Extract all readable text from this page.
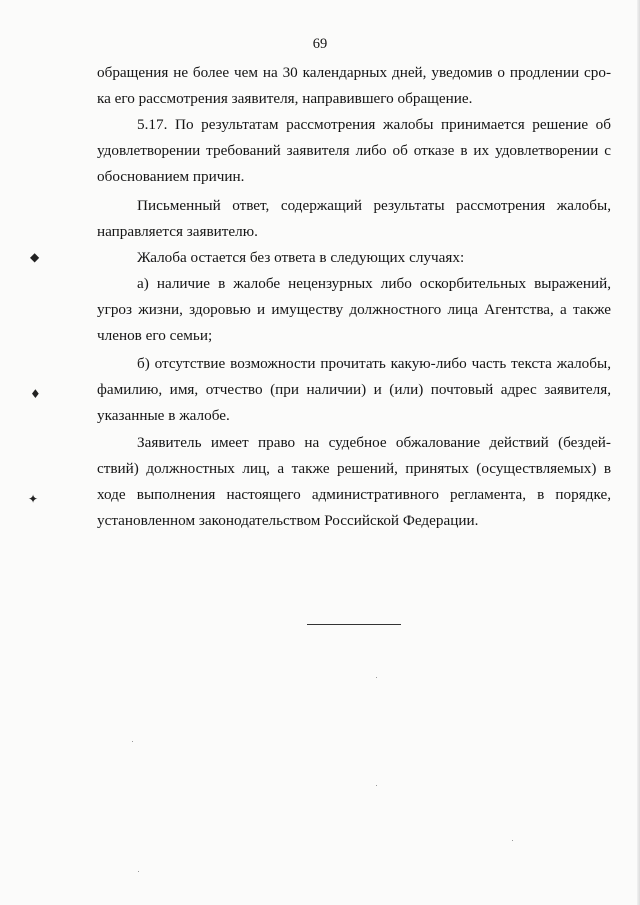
69
обращения не более чем на 30 календарных дней, уведомив о продлении сро-
ка его рассмотрения заявителя, направившего обращение.
5.17. По результатам рассмотрения жалобы принимается решение об
удовлетворении требований заявителя либо об отказе в их удовлетворении с
обоснованием причин.
Письменный ответ, содержащий результаты рассмотрения жалобы,
направляется заявителю.
Жалоба остается без ответа в следующих случаях:
а) наличие в жалобе нецензурных либо оскорбительных выражений,
угроз жизни, здоровью и имуществу должностного лица Агентства, а также
членов его семьи;
б) отсутствие возможности прочитать какую-либо часть текста жалобы,
фамилию, имя, отчество (при наличии) и (или) почтовый адрес заявителя,
указанные в жалобе.
Заявитель имеет право на судебное обжалование действий (бездей-
ствий) должностных лиц, а также решений, принятых (осуществляемых) в
ходе выполнения настоящего административного регламента, в порядке,
установленном законодательством Российской Федерации.
◆
♦
✦
